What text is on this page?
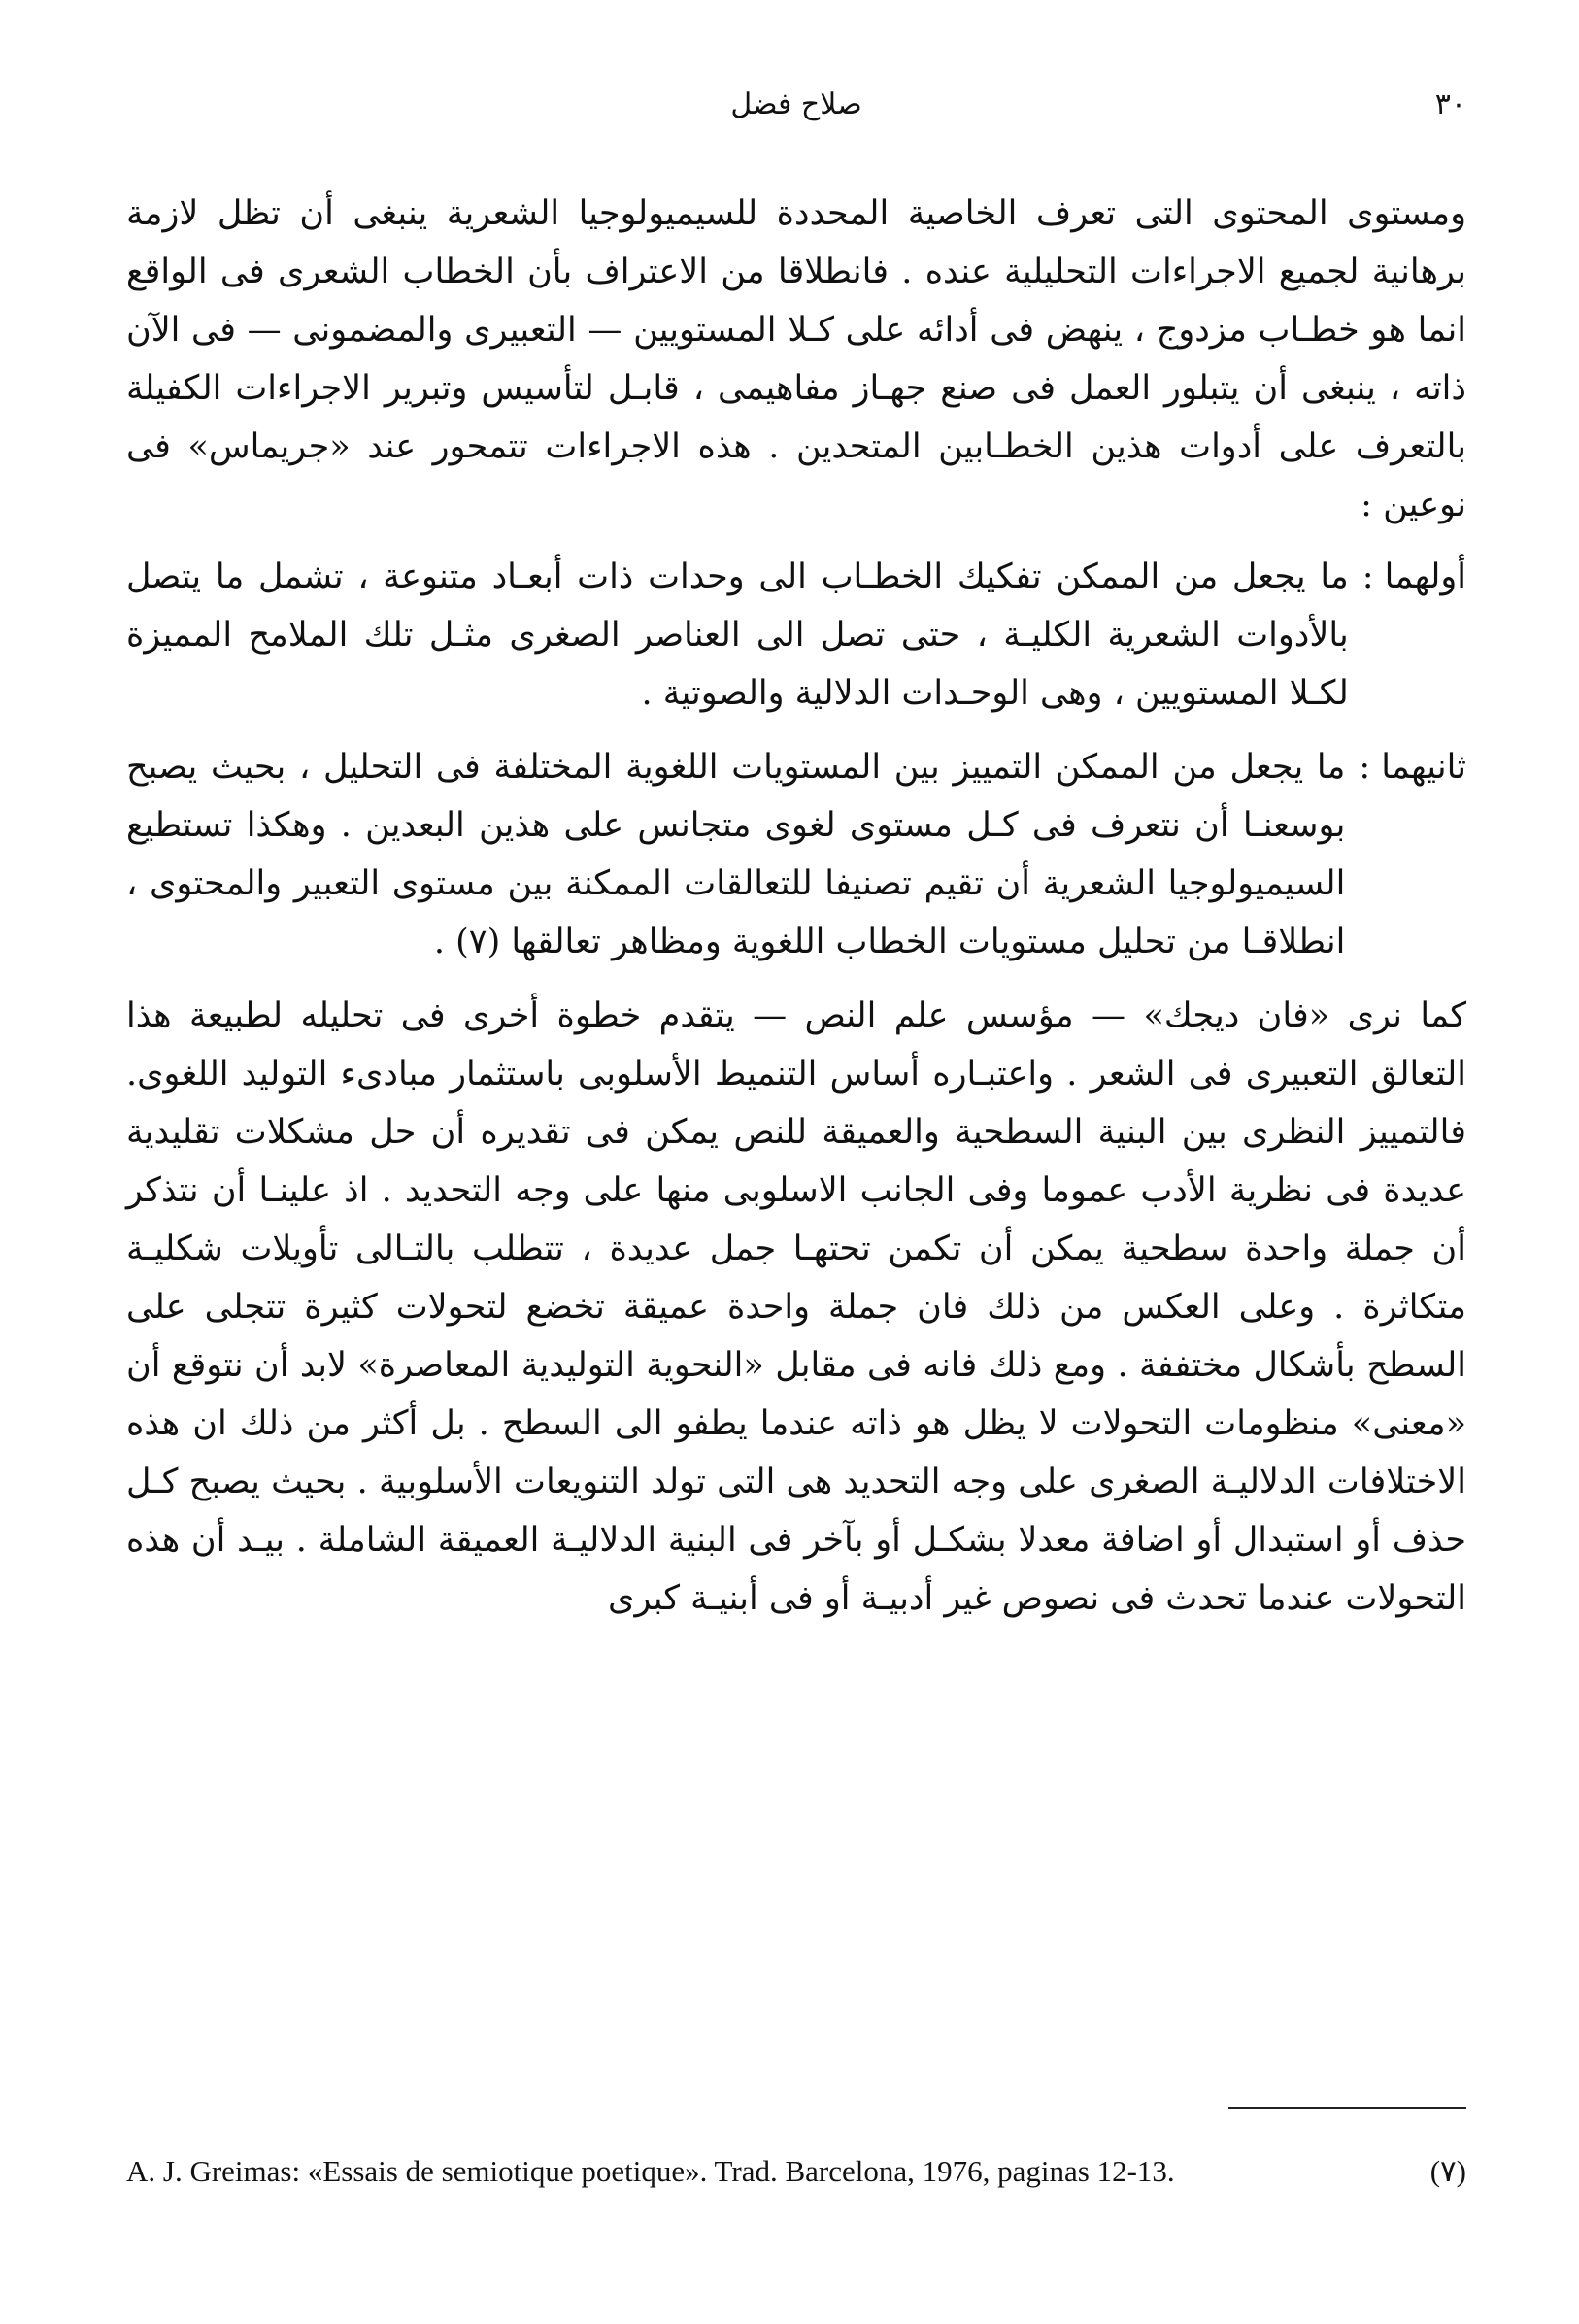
٣٠
صلاح فضل

ومستوى المحتوى التى تعرف الخاصية المحددة للسيميولوجيا الشعرية ينبغى أن تظل لازمة برهانية لجميع الاجراءات التحليلية عنده . فانطلاقا من الاعتراف بأن الخطاب الشعرى فى الواقع انما هو خطـاب مزدوج ، ينهض فى أدائه على كـلا المستويين — التعبيرى والمضمونى — فى الآن ذاته ، ينبغى أن يتبلور العمل فى صنع جهـاز مفاهيمى ، قابـل لتأسيس وتبرير الاجراءات الكفيلة بالتعرف على أدوات هذين الخطـابين المتحدين . هذه الاجراءات تتمحور عند «جريماس» فى نوعين :

أولهما :
ما يجعل من الممكن تفكيك الخطـاب الى وحدات ذات أبعـاد متنوعة ، تشمل ما يتصل بالأدوات الشعرية الكليـة ، حتى تصل الى العناصر الصغرى مثـل تلك الملامح المميزة لكـلا المستويين ، وهى الوحـدات الدلالية والصوتية .
ثانيهما :
ما يجعل من الممكن التمييز بين المستويات اللغوية المختلفة فى التحليل ، بحيث يصبح بوسعنـا أن نتعرف فى كـل مستوى لغوى متجانس على هذين البعدين . وهكذا تستطيع السيميولوجيا الشعرية أن تقيم تصنيفا للتعالقات الممكنة بين مستوى التعبير والمحتوى ، انطلاقـا من تحليل مستويات الخطاب اللغوية ومظاهر تعالقها (٧) .

كما نرى «فان ديجك» — مؤسس علم النص — يتقدم خطوة أخرى فى تحليله لطبيعة هذا التعالق التعبيرى فى الشعر . واعتبـاره أساس التنميط الأسلوبى باستثمار مبادىء التوليد اللغوى. فالتمييز النظرى بين البنية السطحية والعميقة للنص يمكن فى تقديره أن حل مشكلات تقليدية عديدة فى نظرية الأدب عموما وفى الجانب الاسلوبى منها على وجه التحديد . اذ علينـا أن نتذكر أن جملة واحدة سطحية يمكن أن تكمن تحتهـا جمل عديدة ، تتطلب بالتـالى تأويلات شكليـة متكاثرة . وعلى العكس من ذلك فان جملة واحدة عميقة تخضع لتحولات كثيرة تتجلى على السطح بأشكال مختففة . ومع ذلك فانه فى مقابل «النحوية التوليدية المعاصرة» لابد أن نتوقع أن «معنى» منظومات التحولات لا يظل هو ذاته عندما يطفو الى السطح . بل أكثر من ذلك ان هذه الاختلافات الدلاليـة الصغرى على وجه التحديد هى التى تولد التنويعات الأسلوبية . بحيث يصبح كـل حذف أو استبدال أو اضافة معدلا بشكـل أو بآخر فى البنية الدلاليـة العميقة الشاملة . بيـد أن هذه التحولات عندما تحدث فى نصوص غير أدبيـة أو فى أبنيـة كبرى

A. J. Greimas: «Essais de semiotique poetique». Trad. Barcelona, 1976, paginas 12-13.	(٧)
